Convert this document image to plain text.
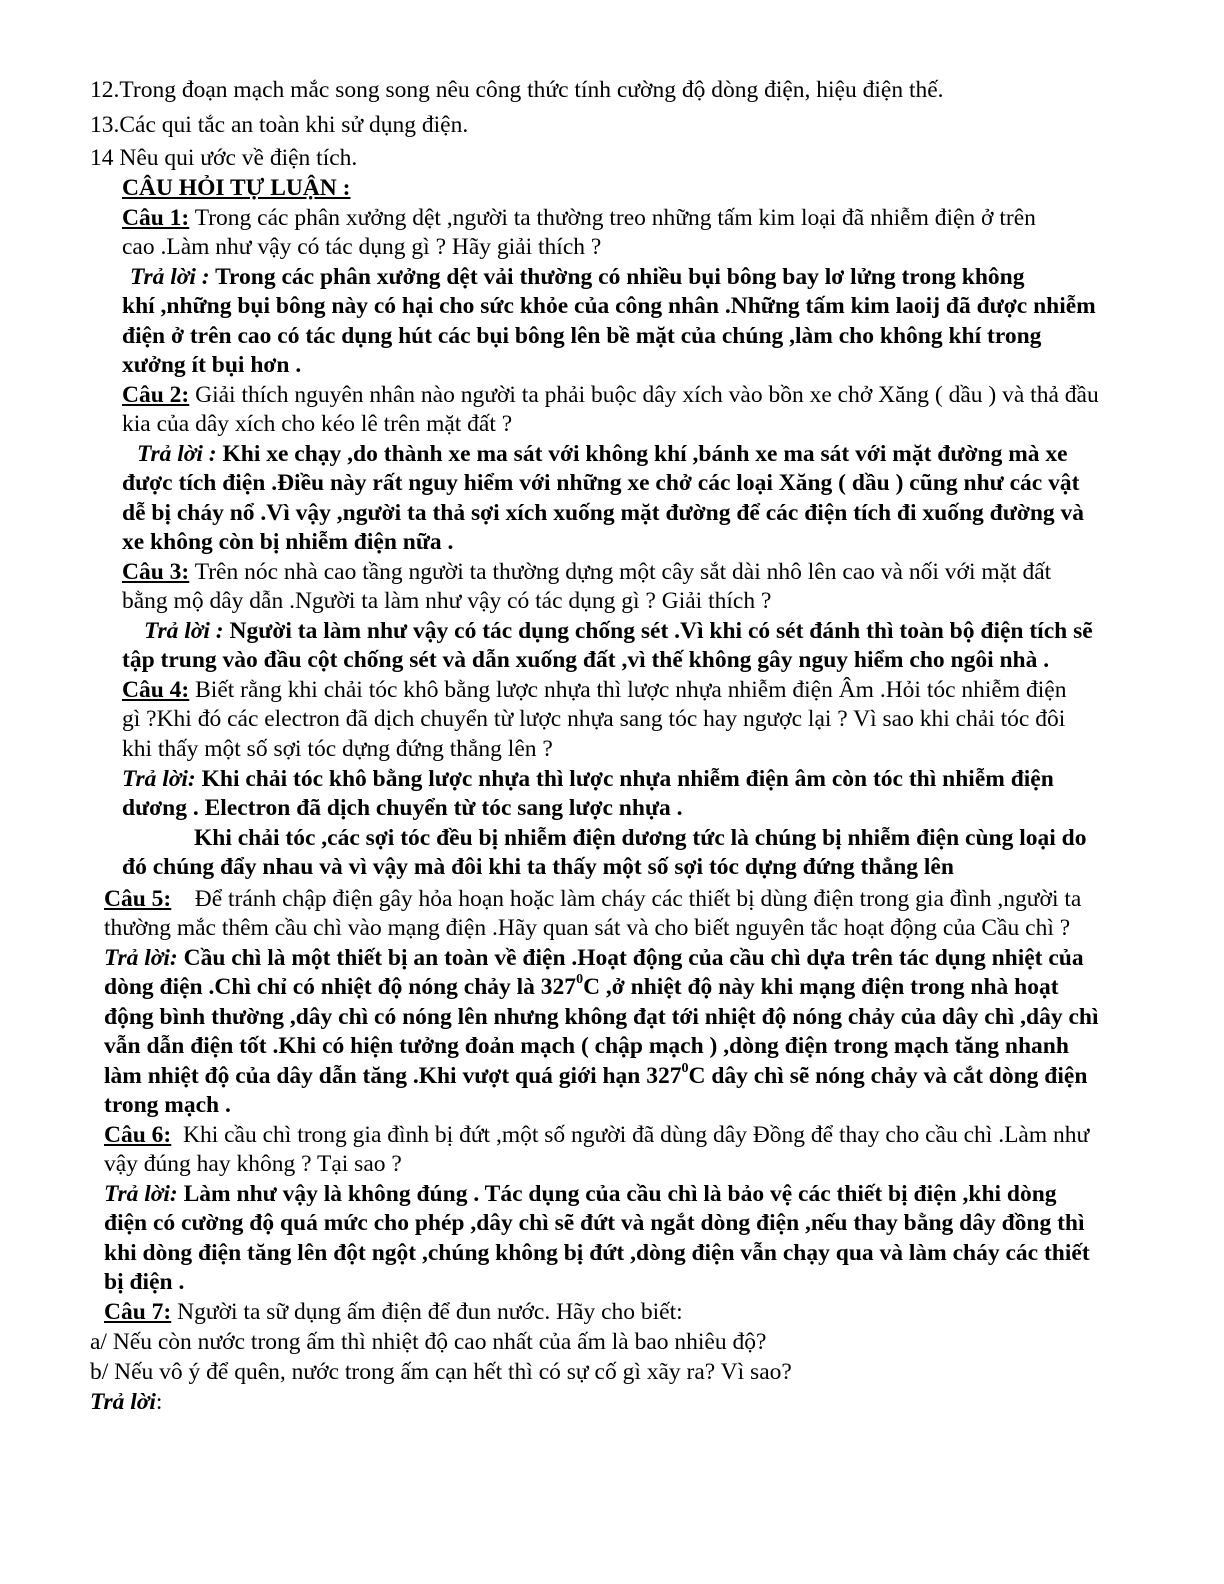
12.Trong đoạn mạch mắc song song nêu công thức tính cường độ dòng điện, hiệu điện thế.
13.Các qui tắc an toàn khi sử dụng điện.
14 Nêu qui ước về điện tích.
CÂU HỎI TỰ LUẬN :
Câu 1: Trong các phân xưởng dệt ,người ta thường treo những tấm kim loại đã nhiễm điện ở trên
cao .Làm như vậy có tác dụng gì ? Hãy giải thích ?
Trả lời : Trong các phân xưởng dệt vải thường có nhiều bụi bông bay lơ lửng trong không
khí ,những bụi bông này có hại cho sức khỏe của công nhân .Những tấm kim laoij đã được nhiễm
điện ở trên cao có tác dụng hút các bụi bông lên bề mặt của chúng ,làm cho không khí trong
xưởng ít bụi hơn .
Câu 2: Giải thích nguyên nhân nào người ta phải buộc dây xích vào bồn xe chở Xăng ( dầu ) và thả đầu
kia của dây xích cho kéo lê trên mặt đất ?
Trả lời : Khi xe chạy ,do thành xe ma sát với không khí ,bánh xe ma sát với mặt đường mà xe
được tích điện .Điều này rất nguy hiểm với những xe chở các loại Xăng ( dầu ) cũng như các vật
dễ bị cháy nổ .Vì vậy ,người ta thả sợi xích xuống mặt đường để các điện tích đi xuống đường và
xe không còn bị nhiễm điện nữa .
Câu 3: Trên nóc nhà cao tầng người ta thường dựng một cây sắt dài nhô lên cao và nối với mặt đất
bằng mộ dây dẫn .Người ta làm như vậy có tác dụng gì ? Giải thích ?
Trả lời : Người ta làm như vậy có tác dụng chống sét .Vì khi có sét đánh thì toàn bộ điện tích sẽ
tập trung vào đầu cột chống sét và dẫn xuống đất ,vì thế không gây nguy hiểm cho ngôi nhà .
Câu 4: Biết rằng khi chải tóc khô bằng lược nhựa thì lược nhựa nhiễm điện Âm .Hỏi tóc nhiễm điện
gì ?Khi đó các electron đã dịch chuyển từ lược nhựa sang tóc hay ngược lại ? Vì sao khi chải tóc đôi
khi thấy một số sợi tóc dựng đứng thẳng lên ?
Trả lời: Khi chải tóc khô bằng lược nhựa thì lược nhựa nhiễm điện âm còn tóc thì nhiễm điện
dương . Electron đã dịch chuyển từ tóc sang lược nhựa .
Khi chải tóc ,các sợi tóc đều bị nhiễm điện dương tức là chúng bị nhiễm điện cùng loại do
đó chúng đẩy nhau và vì vậy mà đôi khi ta thấy một số sợi tóc dựng đứng thẳng lên
Câu 5:    Để tránh chập điện gây hỏa hoạn hoặc làm cháy các thiết bị dùng điện trong gia đình ,người ta
thường mắc thêm cầu chì vào mạng điện .Hãy quan sát và cho biết nguyên tắc hoạt động của Cầu chì ?
Trả lời: Cầu chì là một thiết bị an toàn về điện .Hoạt động của cầu chì dựa trên tác dụng nhiệt của
dòng điện .Chì chỉ có nhiệt độ nóng chảy là $327^0C$ ,ở nhiệt độ này khi mạng điện trong nhà hoạt
động bình thường ,dây chì có nóng lên nhưng không đạt tới nhiệt độ nóng chảy của dây chì ,dây chì
vẫn dẫn điện tốt .Khi có hiện tưởng đoản mạch ( chập mạch ) ,dòng điện trong mạch tăng nhanh
làm nhiệt độ của dây dẫn tăng .Khi vượt quá giới hạn $327^0C$ dây chì sẽ nóng chảy và cắt dòng điện
trong mạch .
Câu 6:  Khi cầu chì trong gia đình bị đứt ,một số người đã dùng dây Đồng để thay cho cầu chì .Làm như
vậy đúng hay không ? Tại sao ?
Trả lời: Làm như vậy là không đúng . Tác dụng của cầu chì là bảo vệ các thiết bị điện ,khi dòng
điện có cường độ quá mức cho phép ,dây chì sẽ đứt và ngắt dòng điện ,nếu thay bằng dây đồng thì
khi dòng điện tăng lên đột ngột ,chúng không bị đứt ,dòng điện vẫn chạy qua và làm cháy các thiết
bị điện .
Câu 7: Người ta sữ dụng ấm điện để đun nước. Hãy cho biết:
a/ Nếu còn nước trong ấm thì nhiệt độ cao nhất của ấm là bao nhiêu độ?
b/ Nếu vô ý để quên, nước trong ấm cạn hết thì có sự cố gì xãy ra? Vì sao?
Trả lời:
